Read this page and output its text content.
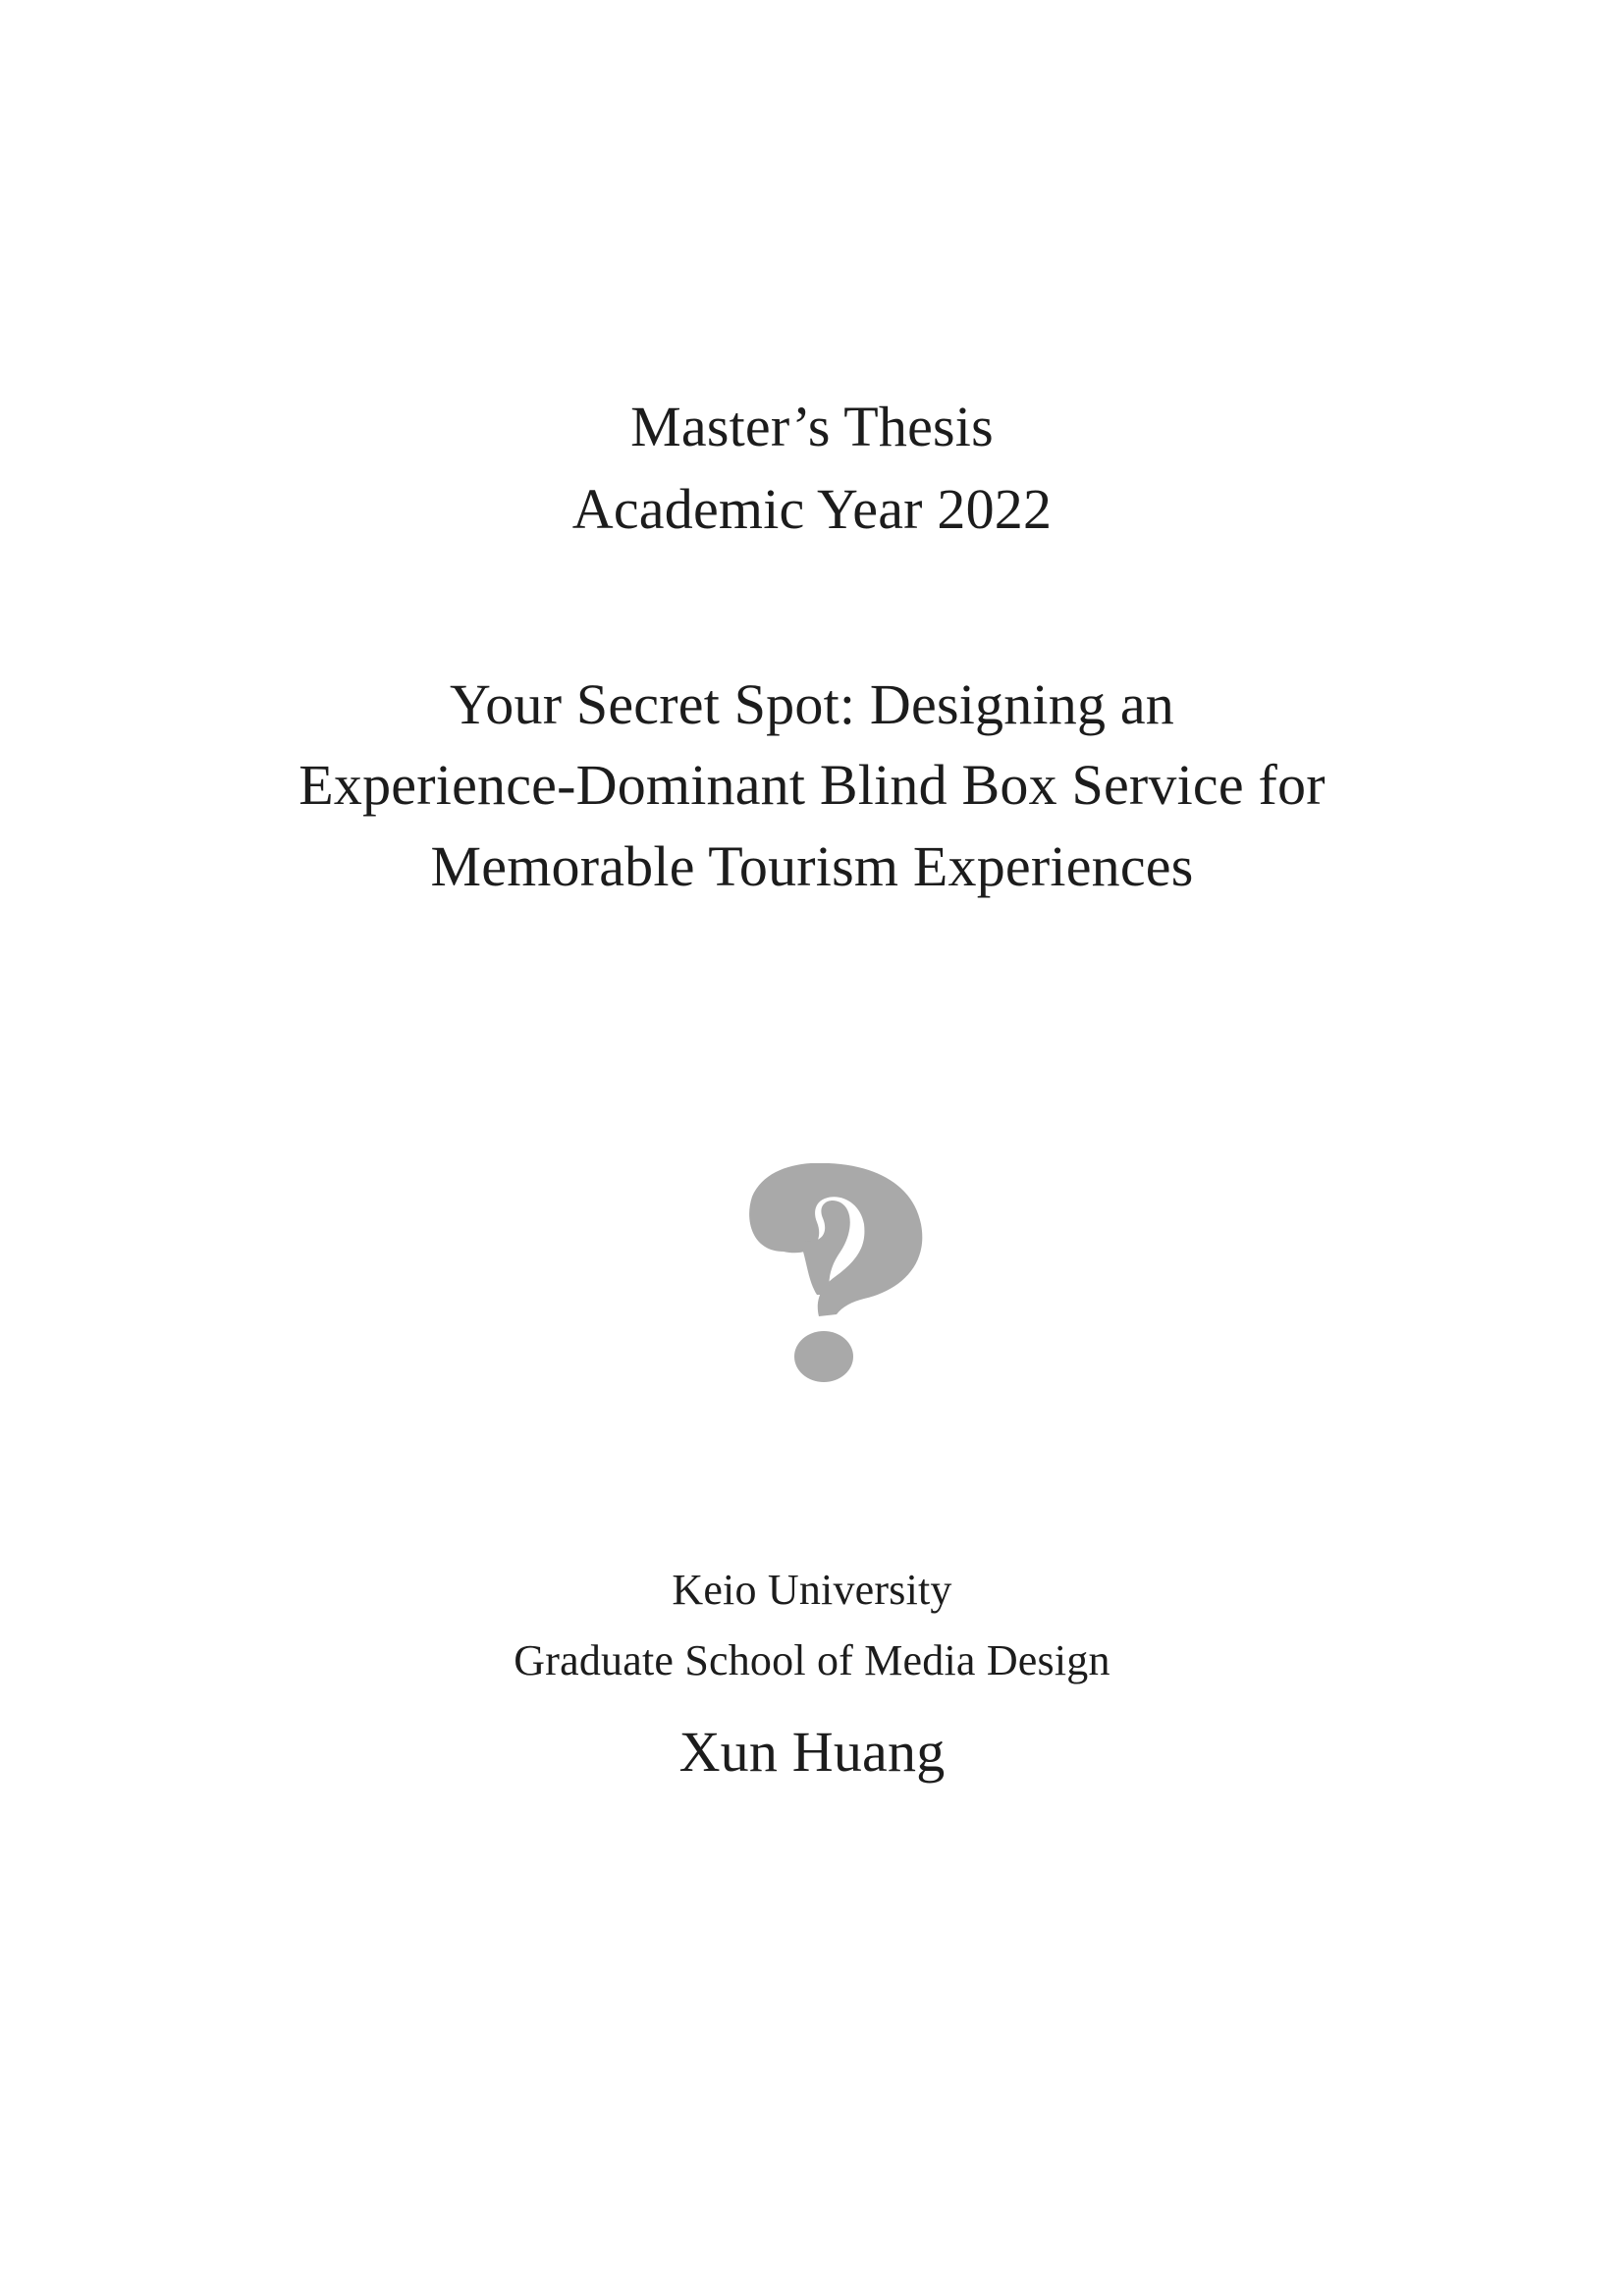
Master’s Thesis
Academic Year 2022
Your Secret Spot: Designing an
Experience-Dominant Blind Box Service for
Memorable Tourism Experiences
Keio University
Graduate School of Media Design
Xun Huang
